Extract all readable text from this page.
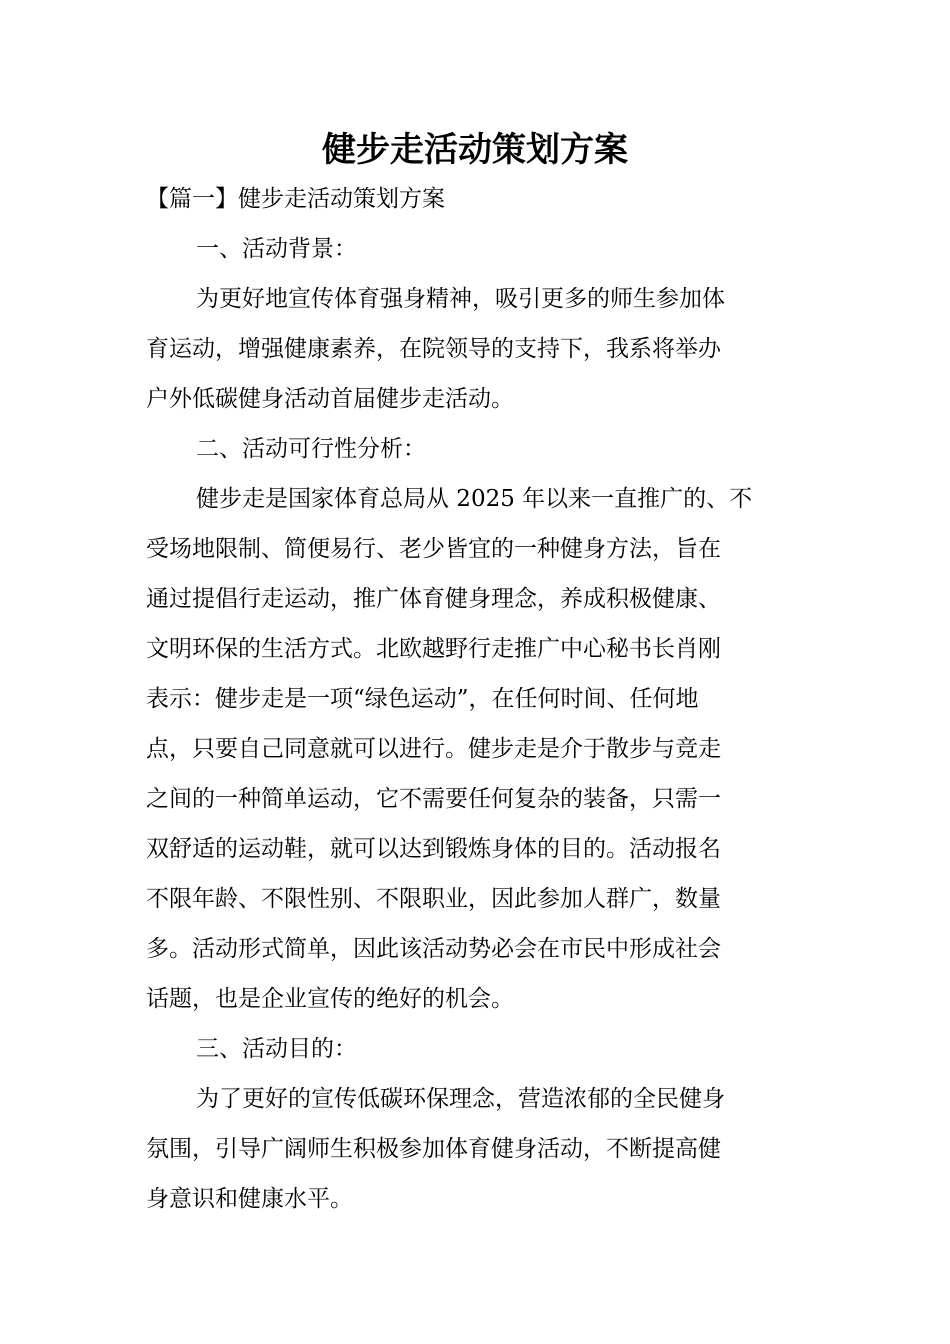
健步走活动策划方案

【篇一】健步走活动策划方案

一、活动背景：

为更好地宣传体育强身精神，吸引更多的师生参加体

育运动，增强健康素养，在院领导的支持下，我系将举办

户外低碳健身活动首届健步走活动。

二、活动可行性分析：

健步走是国家体育总局从 2025 年以来一直推广的、不

受场地限制、简便易行、老少皆宜的一种健身方法，旨在

通过提倡行走运动，推广体育健身理念，养成积极健康、

文明环保的生活方式。北欧越野行走推广中心秘书长肖刚

表示：健步走是一项“绿色运动”，在任何时间、任何地

点，只要自己同意就可以进行。健步走是介于散步与竞走

之间的一种简单运动，它不需要任何复杂的装备，只需一

双舒适的运动鞋，就可以达到锻炼身体的目的。活动报名

不限年龄、不限性别、不限职业，因此参加人群广，数量

多。活动形式简单，因此该活动势必会在市民中形成社会

话题，也是企业宣传的绝好的机会。

三、活动目的：

为了更好的宣传低碳环保理念，营造浓郁的全民健身

氛围，引导广阔师生积极参加体育健身活动，不断提高健

身意识和健康水平。
